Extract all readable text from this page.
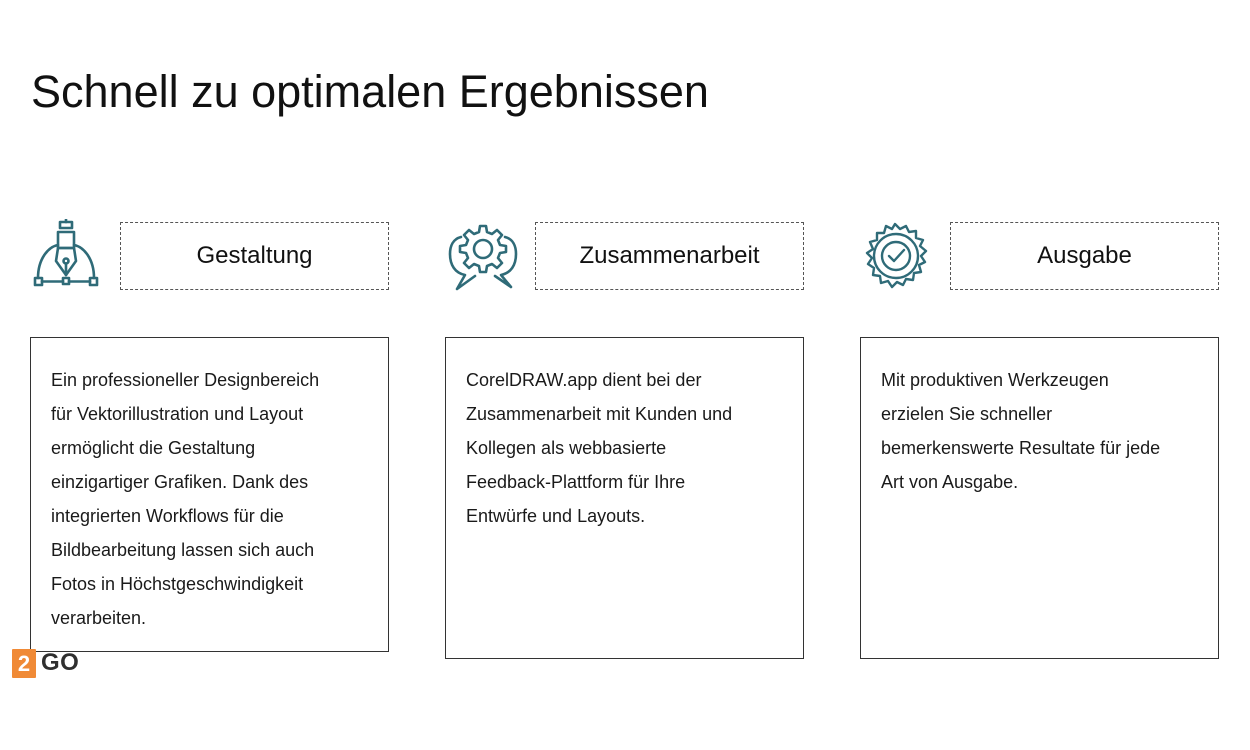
Schnell zu optimalen Ergebnissen
Gestaltung
Ein professioneller Designbereich
für Vektorillustration und Layout
ermöglicht die Gestaltung
einzigartiger Grafiken. Dank des
integrierten Workflows für die
Bildbearbeitung lassen sich auch
Fotos in Höchstgeschwindigkeit
verarbeiten.
Zusammenarbeit
CorelDRAW.app dient bei der
Zusammenarbeit mit Kunden und
Kollegen als webbasierte
Feedback-Plattform für Ihre
Entwürfe und Layouts.
Ausgabe
Mit produktiven Werkzeugen
erzielen Sie schneller
bemerkenswerte Resultate für jede
Art von Ausgabe.
2 GO
